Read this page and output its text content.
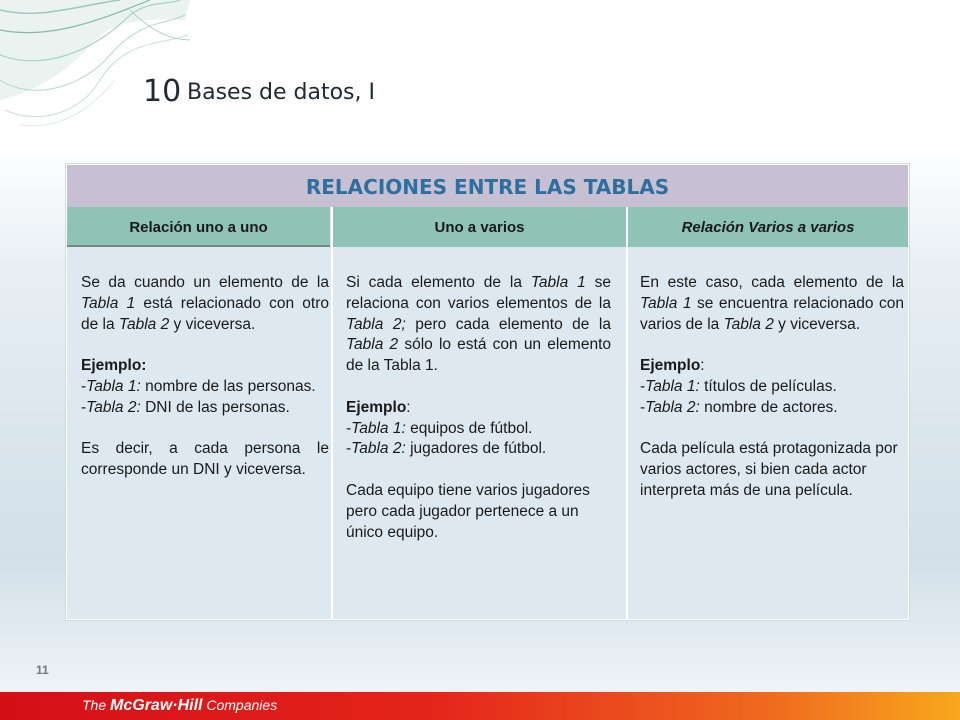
10 Bases de datos, I
RELACIONES ENTRE LAS TABLAS
Relación uno a uno	Uno a varios	Relación Varios a varios

Se da cuando un elemento de la Tabla 1 está relacionado con otro de la Tabla 2 y viceversa.

Ejemplo:

-Tabla 1: nombre de las personas.

-Tabla 2: DNI de las personas.

Es decir, a cada persona le corresponde un DNI y viceversa.

Si cada elemento de la Tabla 1 se relaciona con varios elementos de la Tabla 2; pero cada elemento de la Tabla 2 sólo lo está con un elemento de la Tabla 1.

Ejemplo:

-Tabla 1: equipos de fútbol.

-Tabla 2: jugadores de fútbol.

Cada equipo tiene varios jugadores pero cada jugador pertenece a un único equipo.

En este caso, cada elemento de la Tabla 1 se encuentra relacionado con varios de la Tabla 2 y viceversa.

Ejemplo:

-Tabla 1: títulos de películas.

-Tabla 2: nombre de actores.

Cada película está protagonizada por varios actores, si bien cada actor interpreta más de una película.

11
The McGraw·Hill Companies
